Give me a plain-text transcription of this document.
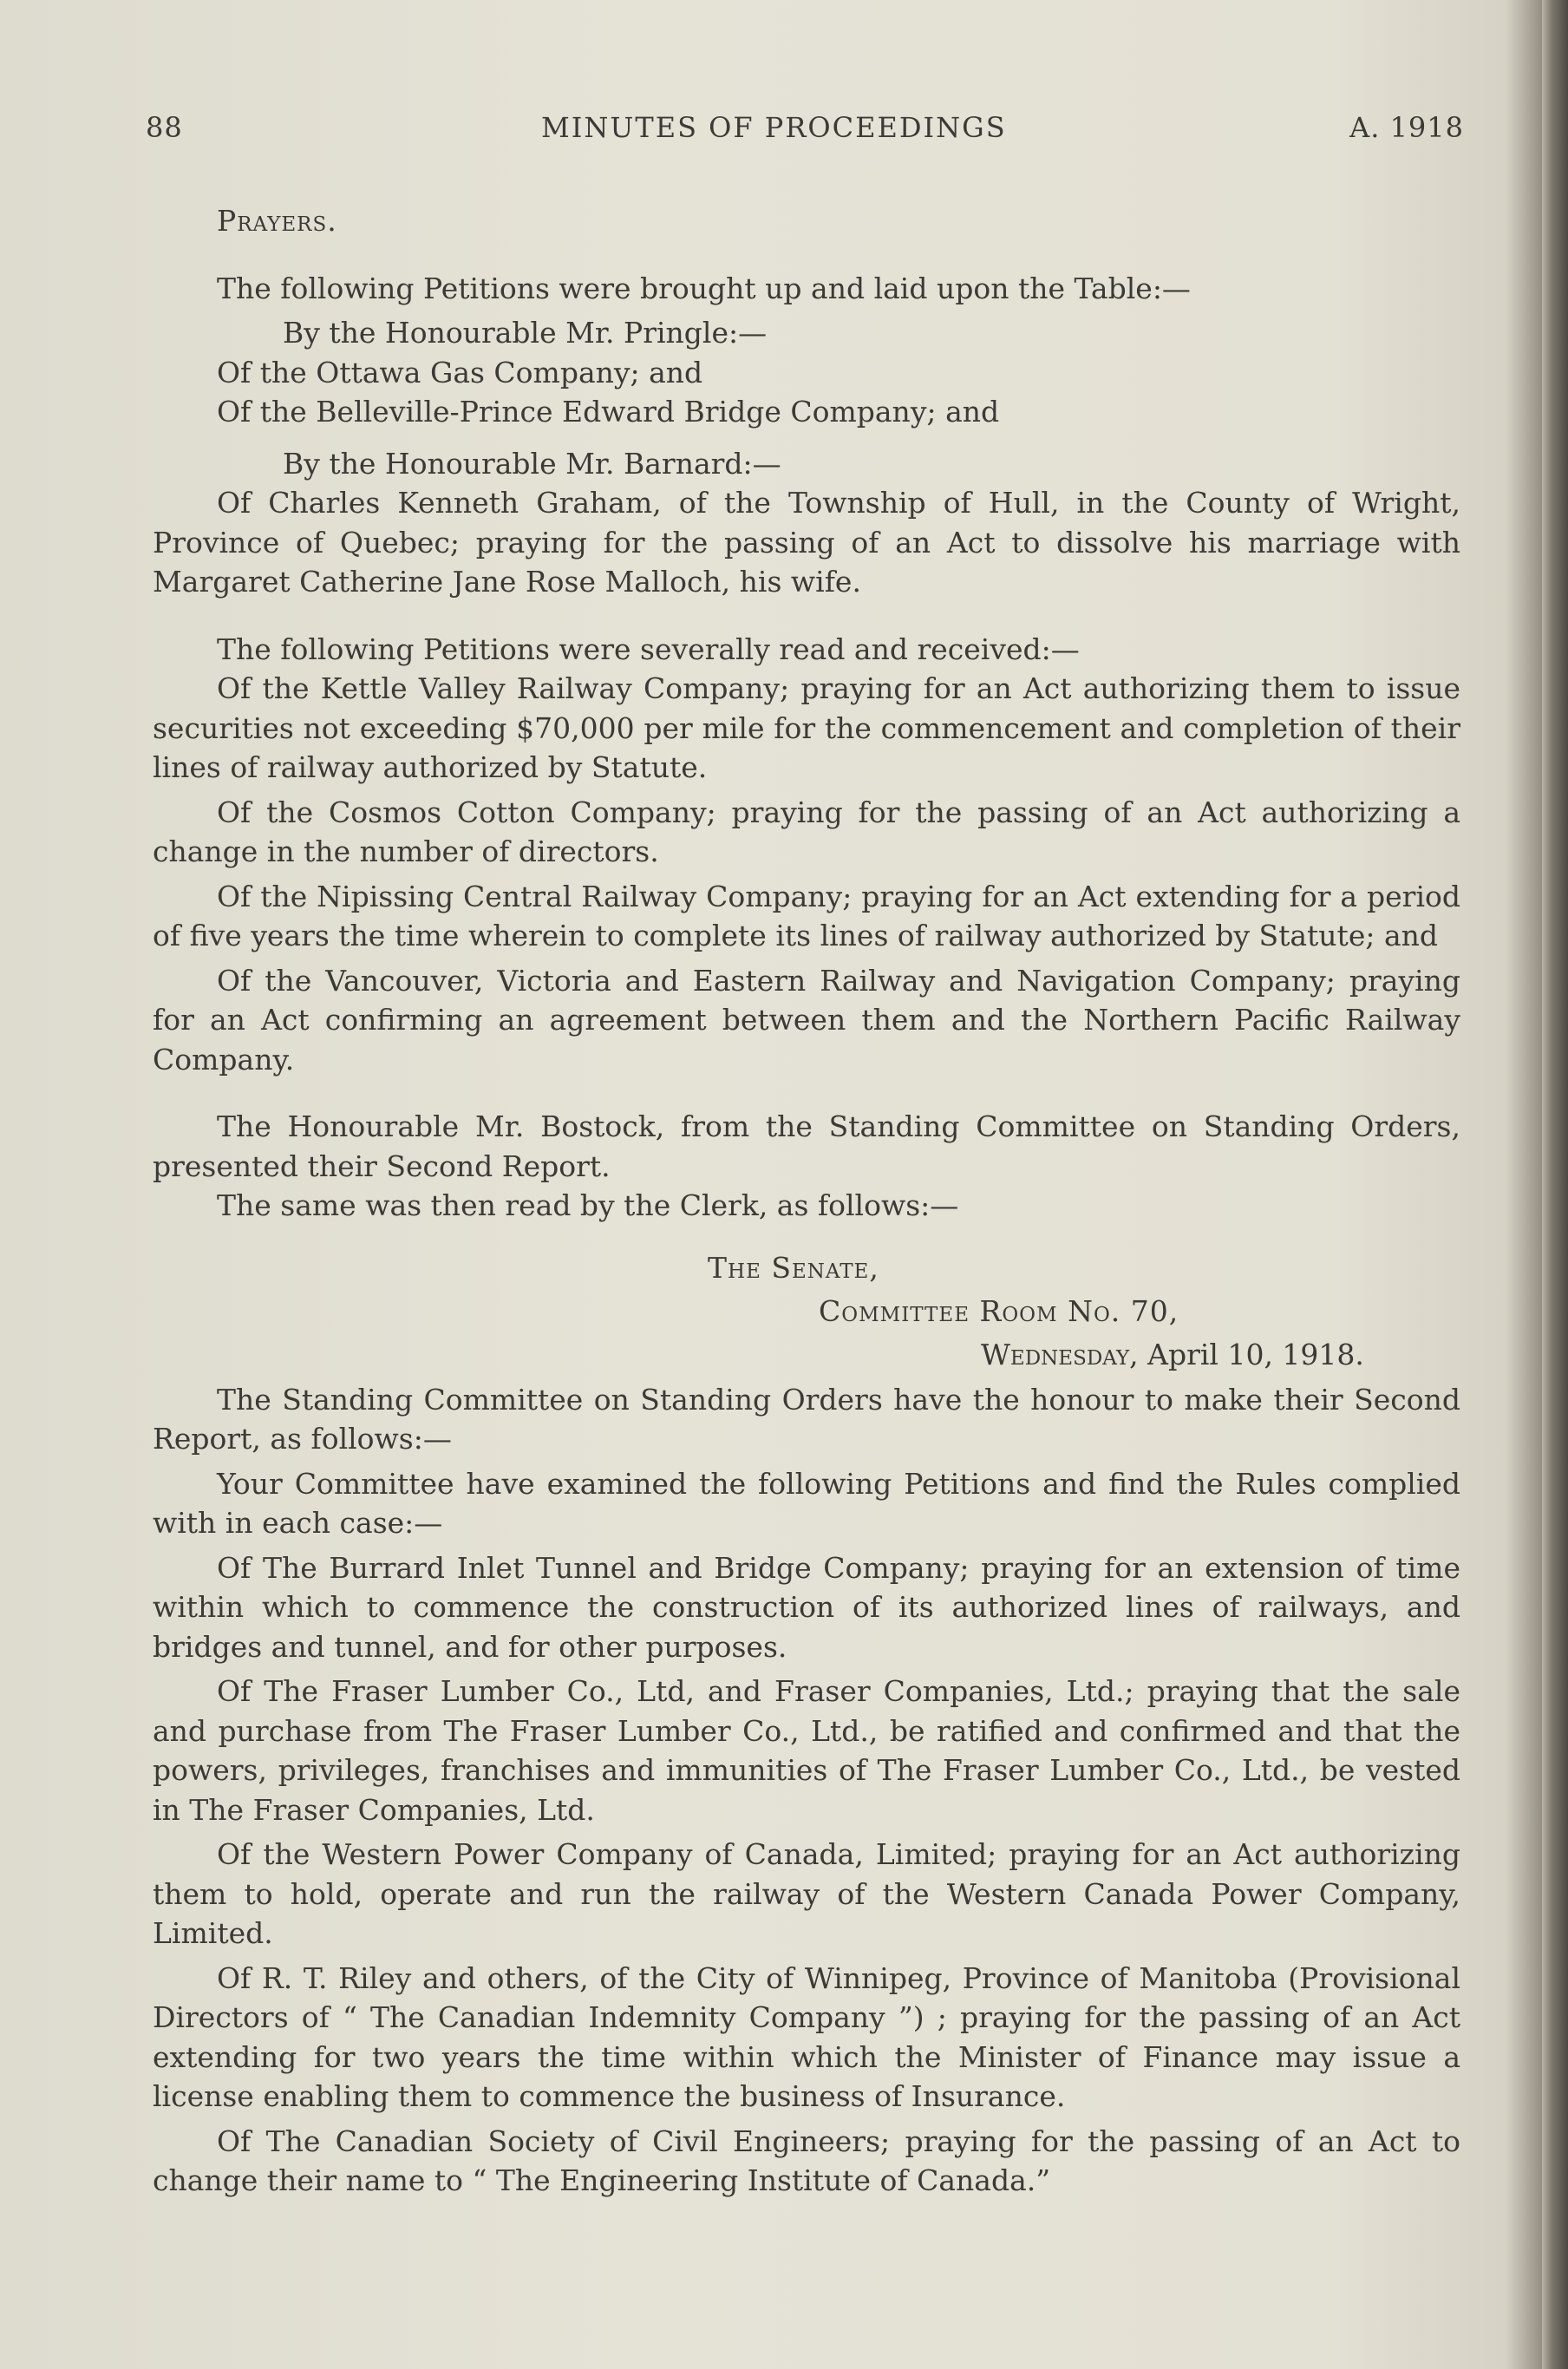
88	MINUTES OF PROCEEDINGS	A. 1918

Prayers.

The following Petitions were brought up and laid upon the Table:—

By the Honourable Mr. Pringle:—

Of the Ottawa Gas Company; and

Of the Belleville-Prince Edward Bridge Company; and

By the Honourable Mr. Barnard:—

Of Charles Kenneth Graham, of the Township of Hull, in the County of Wright, Province of Quebec; praying for the passing of an Act to dissolve his marriage with Margaret Catherine Jane Rose Malloch, his wife.

The following Petitions were severally read and received:—

Of the Kettle Valley Railway Company; praying for an Act authorizing them to issue securities not exceeding $70,000 per mile for the commencement and completion of their lines of railway authorized by Statute.

Of the Cosmos Cotton Company; praying for the passing of an Act authorizing a change in the number of directors.

Of the Nipissing Central Railway Company; praying for an Act extending for a period of five years the time wherein to complete its lines of railway authorized by Statute; and

Of the Vancouver, Victoria and Eastern Railway and Navigation Company; praying for an Act confirming an agreement between them and the Northern Pacific Railway Company.

The Honourable Mr. Bostock, from the Standing Committee on Standing Orders, presented their Second Report.

The same was then read by the Clerk, as follows:—

The Senate,
Committee Room No. 70,
Wednesday, April 10, 1918.

The Standing Committee on Standing Orders have the honour to make their Second Report, as follows:—

Your Committee have examined the following Petitions and find the Rules complied with in each case:—

Of The Burrard Inlet Tunnel and Bridge Company; praying for an extension of time within which to commence the construction of its authorized lines of railways, and bridges and tunnel, and for other purposes.

Of The Fraser Lumber Co., Ltd, and Fraser Companies, Ltd.; praying that the sale and purchase from The Fraser Lumber Co., Ltd., be ratified and confirmed and that the powers, privileges, franchises and immunities of The Fraser Lumber Co., Ltd., be vested in The Fraser Companies, Ltd.

Of the Western Power Company of Canada, Limited; praying for an Act authorizing them to hold, operate and run the railway of the Western Canada Power Company, Limited.

Of R. T. Riley and others, of the City of Winnipeg, Province of Manitoba (Provisional Directors of “ The Canadian Indemnity Company ”) ; praying for the passing of an Act extending for two years the time within which the Minister of Finance may issue a license enabling them to commence the business of Insurance.

Of The Canadian Society of Civil Engineers; praying for the passing of an Act to change their name to “ The Engineering Institute of Canada.”
